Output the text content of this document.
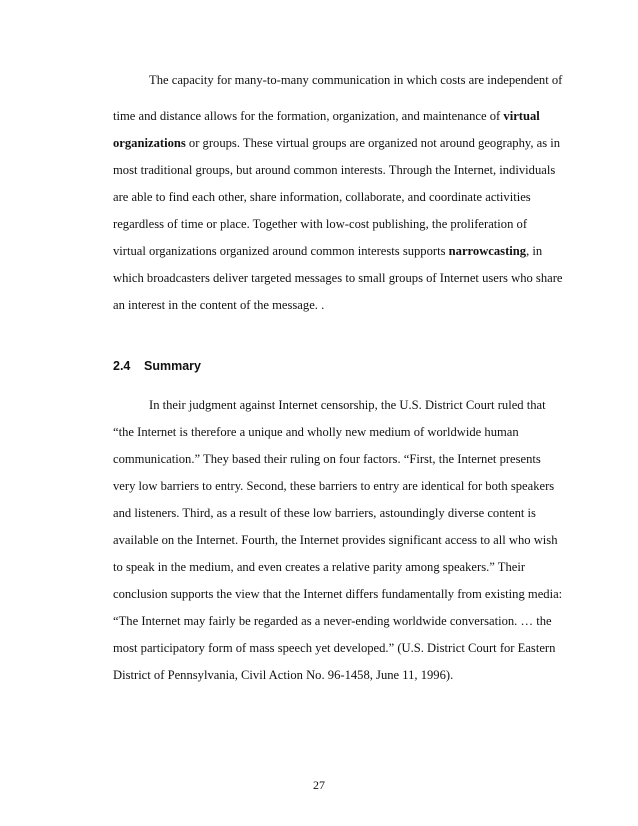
The capacity for many-to-many communication in which costs are independent of
time and distance allows for the formation, organization, and maintenance of virtual
organizations or groups. These virtual groups are organized not around geography, as in
most traditional groups, but around common interests. Through the Internet, individuals
are able to find each other, share information, collaborate, and coordinate activities
regardless of time or place. Together with low-cost publishing, the proliferation of
virtual organizations organized around common interests supports narrowcasting, in
which broadcasters deliver targeted messages to small groups of Internet users who share
an interest in the content of the message. .
2.4 Summary
In their judgment against Internet censorship, the U.S. District Court ruled that
“the Internet is therefore a unique and wholly new medium of worldwide human
communication.” They based their ruling on four factors. “First, the Internet presents
very low barriers to entry. Second, these barriers to entry are identical for both speakers
and listeners. Third, as a result of these low barriers, astoundingly diverse content is
available on the Internet. Fourth, the Internet provides significant access to all who wish
to speak in the medium, and even creates a relative parity among speakers.” Their
conclusion supports the view that the Internet differs fundamentally from existing media:
“The Internet may fairly be regarded as a never-ending worldwide conversation. … the
most participatory form of mass speech yet developed.” (U.S. District Court for Eastern
District of Pennsylvania, Civil Action No. 96-1458, June 11, 1996).
27
